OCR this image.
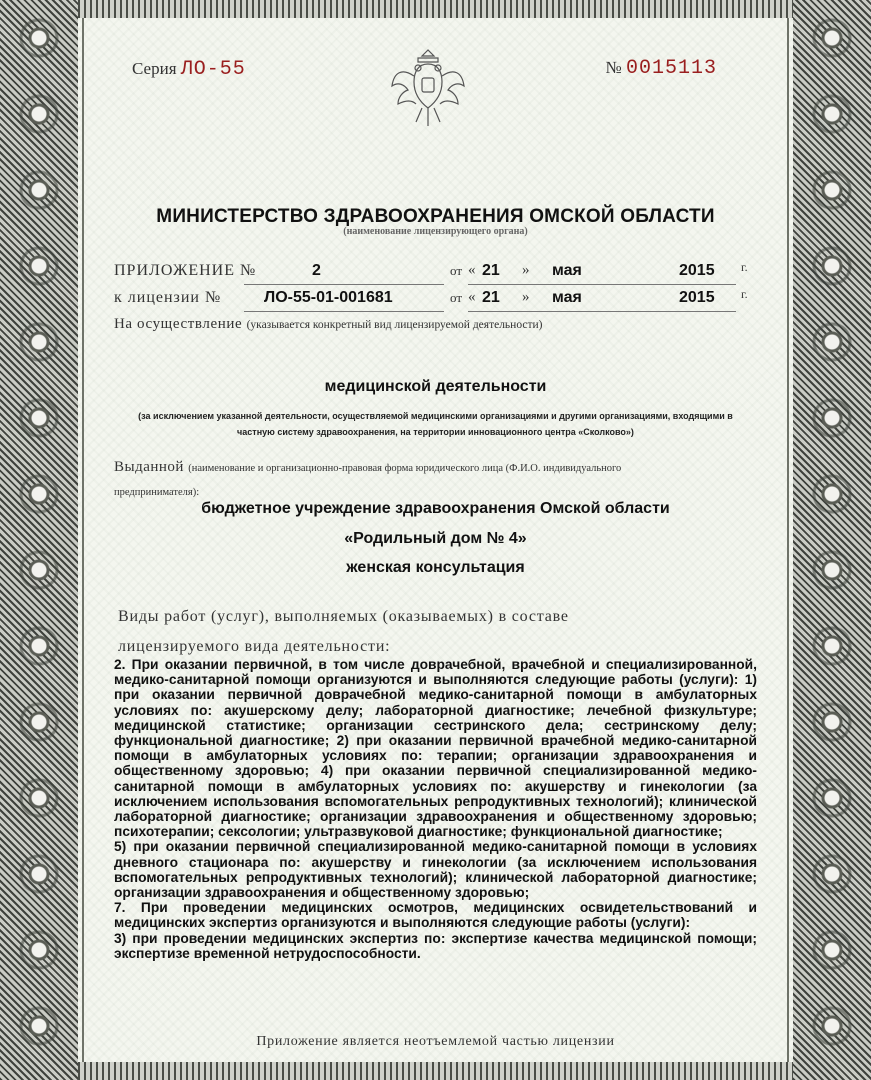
Серия ЛО-55	№ 0015113
МИНИСТЕРСТВО ЗДРАВООХРАНЕНИЯ ОМСКОЙ ОБЛАСТИ
(наименование лицензирующего органа)
ПРИЛОЖЕНИЕ №	2	от « 21 » мая	2015 г.
к лицензии №	ЛО-55-01-001681	от « 21 » мая	2015 г.
На осуществление (указывается конкретный вид лицензируемой деятельности)
медицинской деятельности
(за исключением указанной деятельности, осуществляемой медицинскими организациями и другими организациями, входящими в
частную систему здравоохранения, на территории инновационного центра «Сколково»)
Выданной (наименование и организационно-правовая форма юридического лица (Ф.И.О. индивидуального
предпринимателя):
бюджетное учреждение здравоохранения Омской области
«Родильный дом № 4»
женская консультация
Виды работ (услуг), выполняемых (оказываемых) в составе
лицензируемого вида деятельности:

2. При оказании первичной, в том числе доврачебной, врачебной и специализированной, медико-санитарной помощи организуются и выполняются следующие работы (услуги): 1) при оказании первичной доврачебной медико-санитарной помощи в амбулаторных условиях по: акушерскому делу; лабораторной диагностике; лечебной физкультуре; медицинской статистике; организации сестринского дела; сестринскому делу; функциональной диагностике; 2) при оказании первичной врачебной медико-санитарной помощи в амбулаторных условиях по: терапии; организации здравоохранения и общественному здоровью; 4) при оказании первичной специализированной медико-санитарной помощи в амбулаторных условиях по: акушерству и гинекологии (за исключением использования вспомогательных репродуктивных технологий); клинической лабораторной диагностике; организации здравоохранения и общественному здоровью; психотерапии; сексологии; ультразвуковой диагностике; функциональной диагностике;

5) при оказании первичной специализированной медико-санитарной помощи в условиях дневного стационара по: акушерству и гинекологии (за исключением использования вспомогательных репродуктивных технологий); клинической лабораторной диагностике; организации здравоохранения и общественному здоровью;

7. При проведении медицинских осмотров, медицинских освидетельствований и медицинских экспертиз организуются и выполняются следующие работы (услуги):

3) при проведении медицинских экспертиз по: экспертизе качества медицинской помощи; экспертизе временной нетрудоспособности.

Приложение является неотъемлемой частью лицензии
